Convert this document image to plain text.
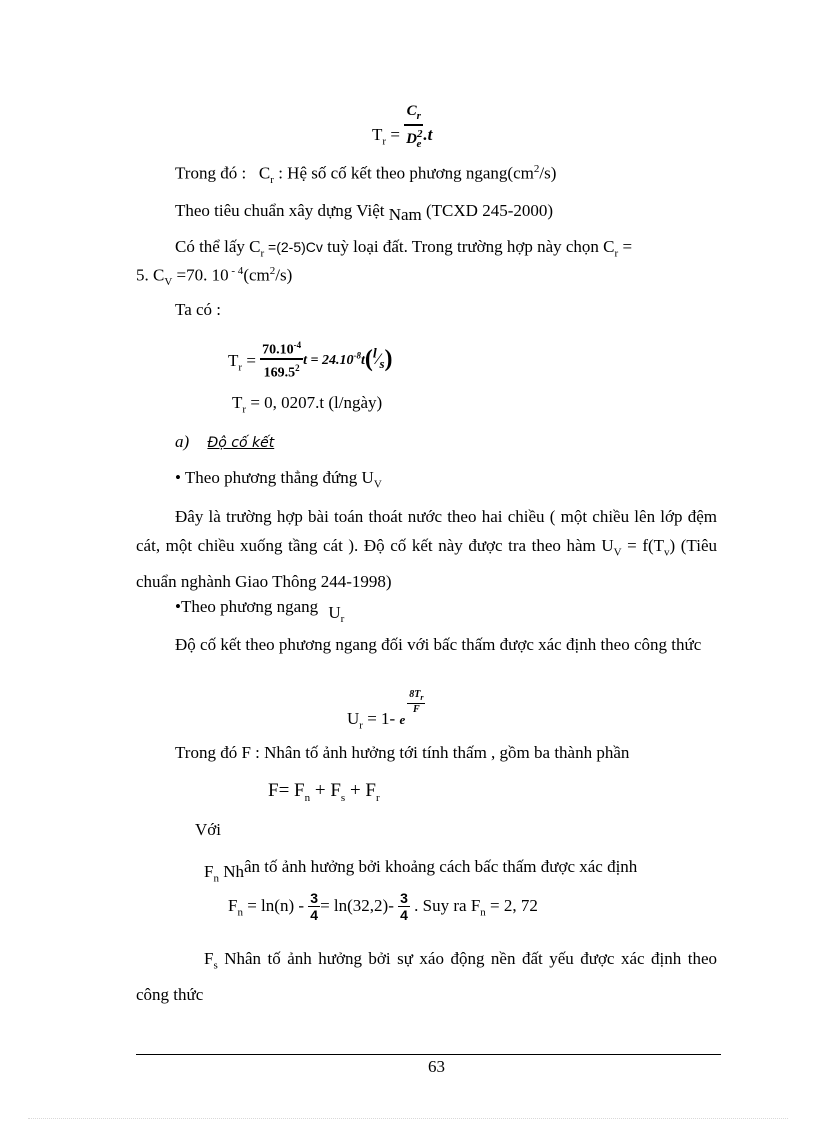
$T_r = \frac{C_r}{D^2_e} .t$
Trong đó : $C_r$ : Hệ số cố kết theo phương $ngang(cm^2/s)$
Theo tiêu chuẩn xây dựng Việt Nam (TCXD 245-2000)
Có thể lấy $C_r =(2-5)Cv$ tuỳ loại đất. Trong trường hợp này chọn $C_r$ =
5. $C_V =70$. 10 $^{- 4}(cm^2/s)$
Ta có :
$T_r = \frac{70.10^{-4}}{169.5^2}$ $t = 24.10^{-8}t(^l⁄_s)$
$T_r = 0$, 0207.t (l/ngày)
a) Độ cố kết
• Theo phương thẳng đứng $U_V$
Đây là trường hợp bài toán thoát nước theo hai chiều ( một chiều lên lớp đệm cát, một chiều xuống tầng cát ). Độ cố kết này được tra theo hàm $U_V = f(T_v)$ (Tiêu chuẩn nghành Giao Thông 244-1998)
•Theo phương ngang $U_r$
Độ cố kết theo phương ngang đối với bấc thấm được xác định theo công thức
$U_r = 1-$ $_e$
$\frac{8T_r}{F}$
Trong đó F : Nhân tố ảnh hưởng tới tính thấm , gồm ba thành phần
$F= F_n + F_s + F_r$
Với
$F_n$ Nhân tố ảnh hưởng bởi khoảng cách bấc thấm được xác định
$F_n = \ln(n) - \frac{3}{4} = \ln(32,2)- \frac{3}{4}$ . Suy ra $F_n = 2$, 72
$F_s$ Nhân tố ảnh hưởng bởi sự xáo động nền đất yếu được xác định theo công thức
63
